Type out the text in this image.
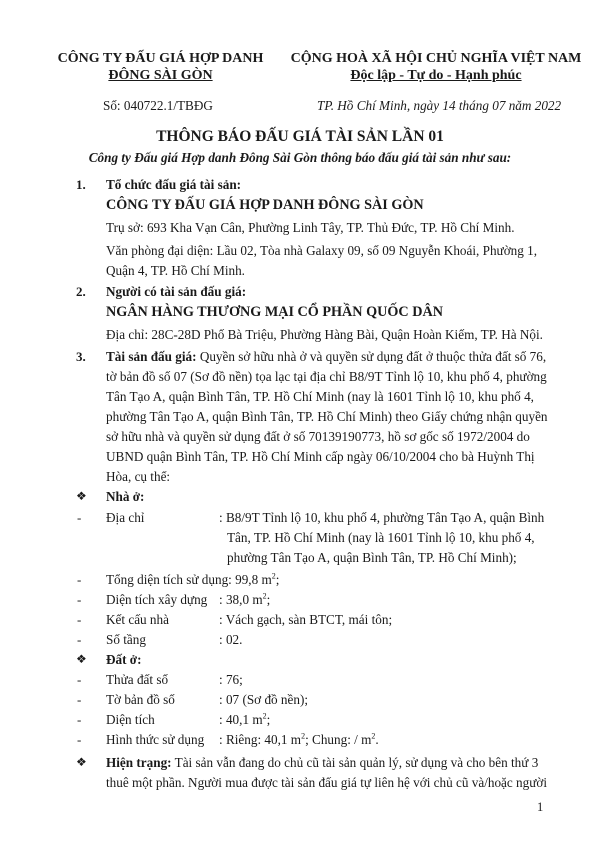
CÔNG TY ĐẤU GIÁ HỢP DANH
ĐÔNG SÀI GÒN
CỘNG HOÀ XÃ HỘI CHỦ NGHĨA VIỆT NAM
Độc lập - Tự do - Hạnh phúc
Số: 040722.1/TBĐG	TP. Hồ Chí Minh, ngày 14 tháng 07 năm 2022
THÔNG BÁO ĐẤU GIÁ TÀI SẢN LẦN 01
Công ty Đấu giá Hợp danh Đông Sài Gòn thông báo đấu giá tài sản như sau:
1. Tổ chức đấu giá tài sản:
CÔNG TY ĐẤU GIÁ HỢP DANH ĐÔNG SÀI GÒN
Trụ sở: 693 Kha Vạn Cân, Phường Linh Tây, TP. Thủ Đức, TP. Hồ Chí Minh.
Văn phòng đại diện: Lầu 02, Tòa nhà Galaxy 09, số 09 Nguyễn Khoái, Phường 1,
Quận 4, TP. Hồ Chí Minh.
2. Người có tài sản đấu giá:
NGÂN HÀNG THƯƠNG MẠI CỔ PHẦN QUỐC DÂN
Địa chỉ: 28C-28D Phố Bà Triệu, Phường Hàng Bài, Quận Hoàn Kiếm, TP. Hà Nội.
3. Tài sản đấu giá: Quyền sở hữu nhà ở và quyền sử dụng đất ở thuộc thửa đất số 76,
tờ bản đồ số 07 (Sơ đồ nền) tọa lạc tại địa chỉ B8/9T Tỉnh lộ 10, khu phố 4, phường
Tân Tạo A, quận Bình Tân, TP. Hồ Chí Minh (nay là 1601 Tỉnh lộ 10, khu phố 4,
phường Tân Tạo A, quận Bình Tân, TP. Hồ Chí Minh) theo Giấy chứng nhận quyền
sở hữu nhà và quyền sử dụng đất ở số 70139190773, hồ sơ gốc số 1972/2004 do
UBND quận Bình Tân, TP. Hồ Chí Minh cấp ngày 06/10/2004 cho bà Huỳnh Thị
Hòa, cụ thể:
❖ Nhà ở:
- Địa chỉ	: B8/9T Tỉnh lộ 10, khu phố 4, phường Tân Tạo A, quận Bình
Tân, TP. Hồ Chí Minh (nay là 1601 Tỉnh lộ 10, khu phố 4,
phường Tân Tạo A, quận Bình Tân, TP. Hồ Chí Minh);
- Tổng diện tích sử dụng: 99,8 $m^2$;
- Diện tích xây dựng : 38,0 $m^2$;
- Kết cấu nhà	: Vách gạch, sàn BTCT, mái tôn;
- Số tầng	: 02.
❖ Đất ở:
- Thửa đất số	: 76;
- Tờ bản đồ số	: 07 (Sơ đồ nền);
- Diện tích	: 40,1 $m^2$;
- Hình thức sử dụng : Riêng: 40,1 $m^2$; Chung: / $m^2$.
❖ Hiện trạng: Tài sản vẫn đang do chủ cũ tài sản quản lý, sử dụng và cho bên thứ 3
thuê một phần. Người mua được tài sản đấu giá tự liên hệ với chủ cũ và/hoặc người
1
